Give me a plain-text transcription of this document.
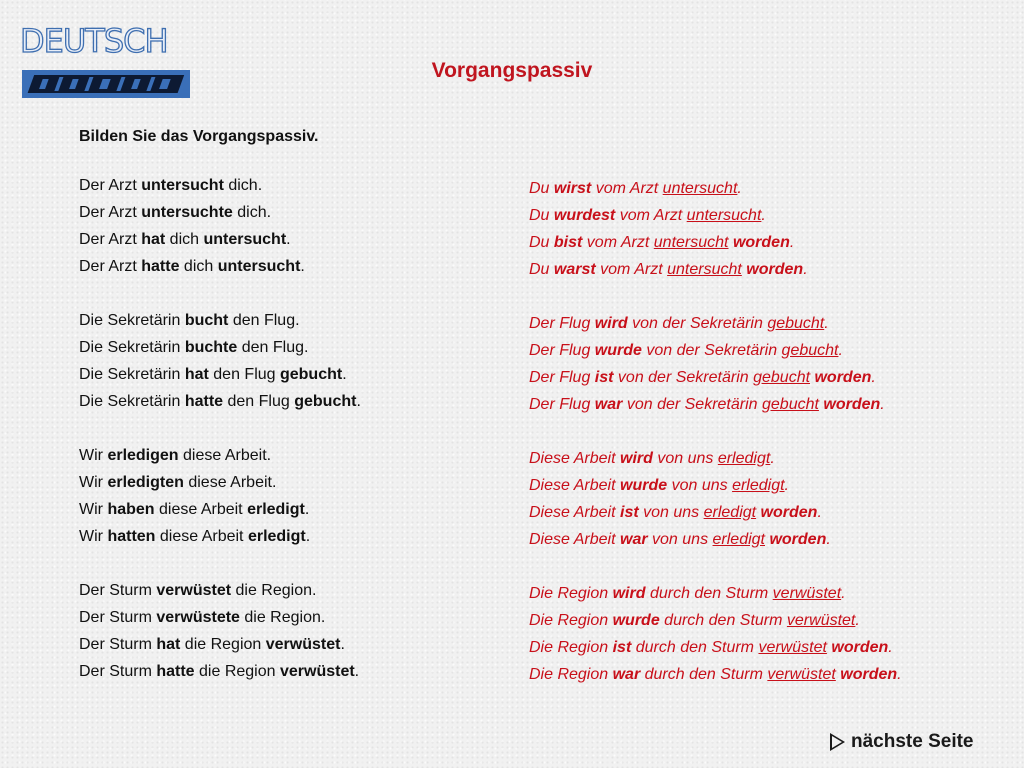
DEUTSCH
Vorgangspassiv
Bilden Sie das Vorgangspassiv.
Der Arzt untersucht dich.
Der Arzt untersuchte dich.
Der Arzt hat dich untersucht.
Der Arzt hatte dich untersucht.
Die Sekretärin bucht den Flug.
Die Sekretärin buchte den Flug.
Die Sekretärin hat den Flug gebucht.
Die Sekretärin hatte den Flug gebucht.
Wir erledigen diese Arbeit.
Wir erledigten diese Arbeit.
Wir haben diese Arbeit erledigt.
Wir hatten diese Arbeit erledigt.
Der Sturm verwüstet die Region.
Der Sturm verwüstete die Region.
Der Sturm hat die Region verwüstet.
Der Sturm hatte die Region verwüstet.
Du wirst vom Arzt untersucht.
Du wurdest vom Arzt untersucht.
Du bist vom Arzt untersucht worden.
Du warst vom Arzt untersucht worden.
Der Flug wird von der Sekretärin gebucht.
Der Flug wurde von der Sekretärin gebucht.
Der Flug ist von der Sekretärin gebucht worden.
Der Flug war von der Sekretärin gebucht worden.
Diese Arbeit wird von uns erledigt.
Diese Arbeit wurde von uns erledigt.
Diese Arbeit ist von uns erledigt worden.
Diese Arbeit war von uns erledigt worden.
Die Region wird durch den Sturm verwüstet.
Die Region wurde durch den Sturm verwüstet.
Die Region ist durch den Sturm verwüstet worden.
Die Region war durch den Sturm verwüstet worden.
nächste Seite
